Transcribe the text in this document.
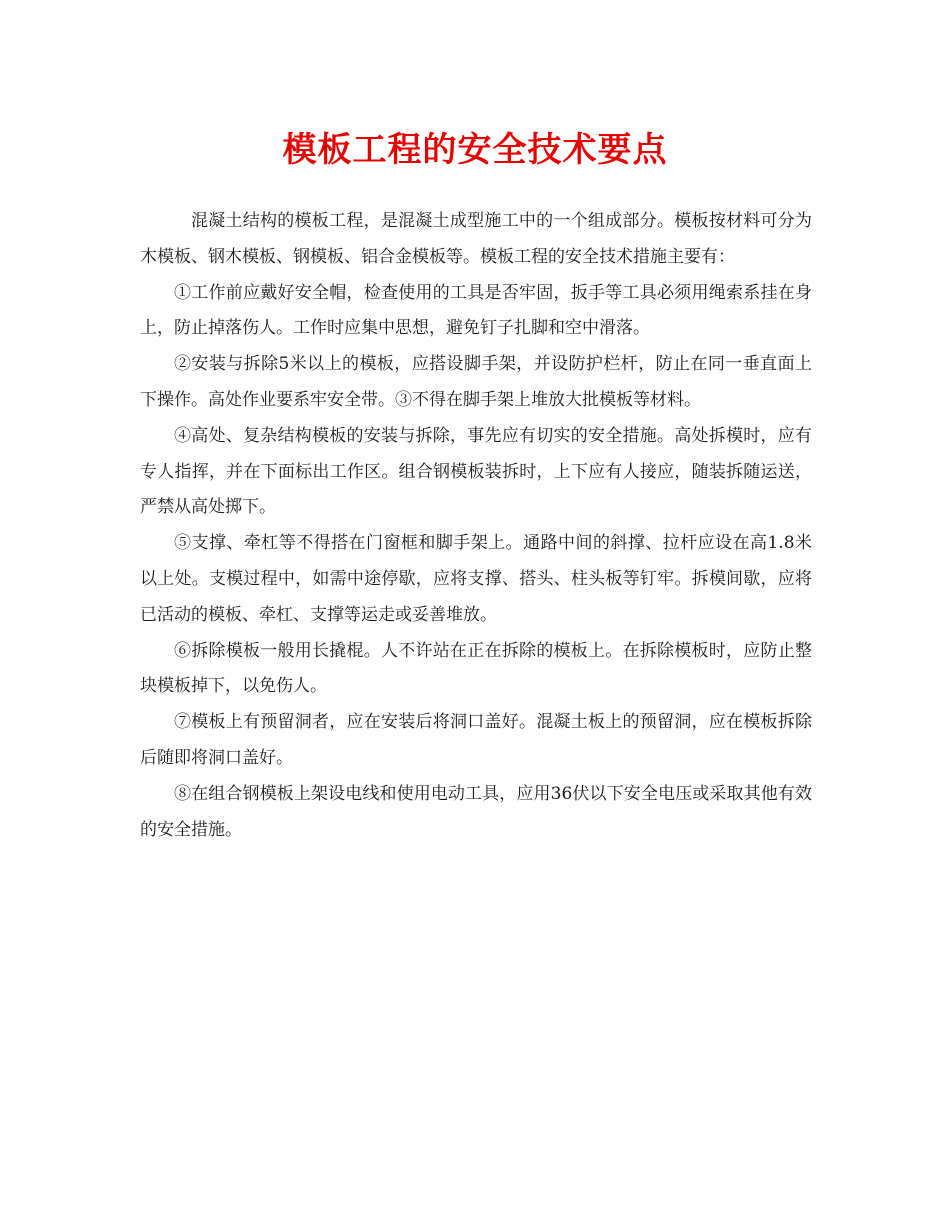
模板工程的安全技术要点

混凝土结构的模板工程，是混凝土成型施工中的一个组成部分。模板按材料可分为木模板、钢木模板、钢模板、铝合金模板等。模板工程的安全技术措施主要有：

①工作前应戴好安全帽，检查使用的工具是否牢固，扳手等工具必须用绳索系挂在身上，防止掉落伤人。工作时应集中思想，避免钉子扎脚和空中滑落。

②安装与拆除5米以上的模板，应搭设脚手架，并设防护栏杆，防止在同一垂直面上下操作。高处作业要系牢安全带。③不得在脚手架上堆放大批模板等材料。

④高处、复杂结构模板的安装与拆除，事先应有切实的安全措施。高处拆模时，应有专人指挥，并在下面标出工作区。组合钢模板装拆时，上下应有人接应，随装拆随运送，严禁从高处掷下。

⑤支撑、牵杠等不得搭在门窗框和脚手架上。通路中间的斜撑、拉杆应设在高1.8米以上处。支模过程中，如需中途停歇，应将支撑、搭头、柱头板等钉牢。拆模间歇，应将已活动的模板、牵杠、支撑等运走或妥善堆放。

⑥拆除模板一般用长撬棍。人不许站在正在拆除的模板上。在拆除模板时，应防止整块模板掉下，以免伤人。

⑦模板上有预留洞者，应在安装后将洞口盖好。混凝土板上的预留洞，应在模板拆除后随即将洞口盖好。

⑧在组合钢模板上架设电线和使用电动工具，应用36伏以下安全电压或采取其他有效的安全措施。
